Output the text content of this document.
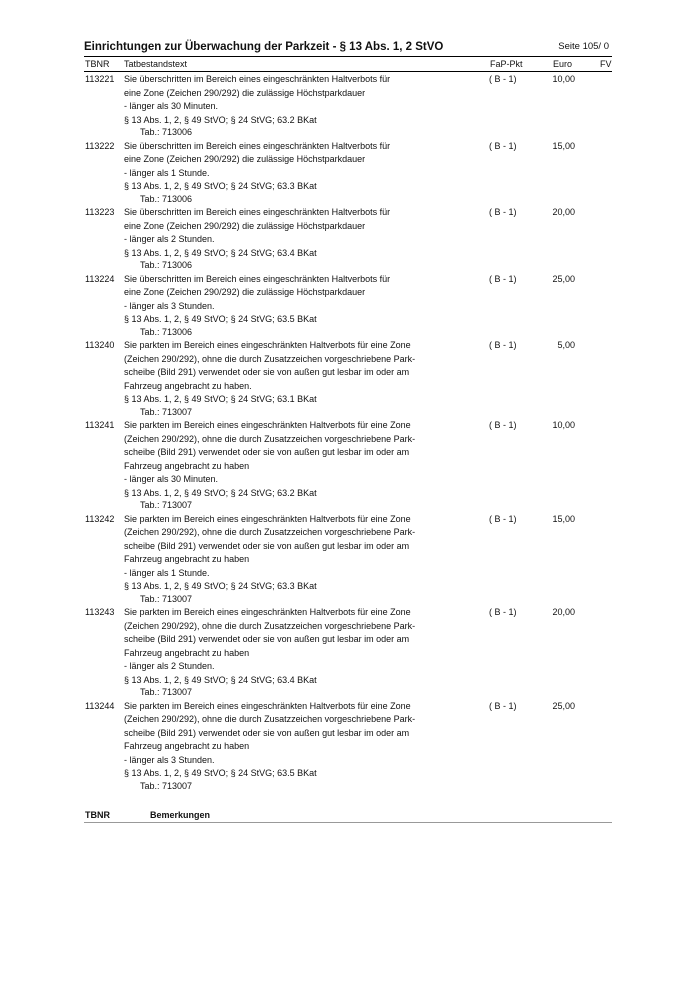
Einrichtungen zur Überwachung der Parkzeit - § 13 Abs. 1, 2 StVO	Seite 105/ 0
TBNR Tatbestandstext	FaP-Pkt	Euro	FV
113221 Sie überschritten im Bereich eines eingeschränkten Haltverbots für
eine Zone (Zeichen 290/292) die zulässige Höchstparkdauer
- länger als 30 Minuten.
§ 13 Abs. 1, 2, § 49 StVO; § 24 StVG; 63.2 BKat
Tab.: 713006
( B - 1)	10,00
113222 Sie überschritten im Bereich eines eingeschränkten Haltverbots für
eine Zone (Zeichen 290/292) die zulässige Höchstparkdauer
- länger als 1 Stunde.
§ 13 Abs. 1, 2, § 49 StVO; § 24 StVG; 63.3 BKat
Tab.: 713006
( B - 1)	15,00
113223 Sie überschritten im Bereich eines eingeschränkten Haltverbots für
eine Zone (Zeichen 290/292) die zulässige Höchstparkdauer
- länger als 2 Stunden.
§ 13 Abs. 1, 2, § 49 StVO; § 24 StVG; 63.4 BKat
Tab.: 713006
( B - 1)	20,00
113224 Sie überschritten im Bereich eines eingeschränkten Haltverbots für
eine Zone (Zeichen 290/292) die zulässige Höchstparkdauer
- länger als 3 Stunden.
§ 13 Abs. 1, 2, § 49 StVO; § 24 StVG; 63.5 BKat
Tab.: 713006
( B - 1)	25,00
113240 Sie parkten im Bereich eines eingeschränkten Haltverbots für eine Zone
(Zeichen 290/292), ohne die durch Zusatzzeichen vorgeschriebene Park-
scheibe (Bild 291) verwendet oder sie von außen gut lesbar im oder am
Fahrzeug angebracht zu haben.
§ 13 Abs. 1, 2, § 49 StVO; § 24 StVG; 63.1 BKat
Tab.: 713007
( B - 1)	5,00
113241 Sie parkten im Bereich eines eingeschränkten Haltverbots für eine Zone
(Zeichen 290/292), ohne die durch Zusatzzeichen vorgeschriebene Park-
scheibe (Bild 291) verwendet oder sie von außen gut lesbar im oder am
Fahrzeug angebracht zu haben
- länger als 30 Minuten.
§ 13 Abs. 1, 2, § 49 StVO; § 24 StVG; 63.2 BKat
Tab.: 713007
( B - 1)	10,00
113242 Sie parkten im Bereich eines eingeschränkten Haltverbots für eine Zone
(Zeichen 290/292), ohne die durch Zusatzzeichen vorgeschriebene Park-
scheibe (Bild 291) verwendet oder sie von außen gut lesbar im oder am
Fahrzeug angebracht zu haben
- länger als 1 Stunde.
§ 13 Abs. 1, 2, § 49 StVO; § 24 StVG; 63.3 BKat
Tab.: 713007
( B - 1)	15,00
113243 Sie parkten im Bereich eines eingeschränkten Haltverbots für eine Zone
(Zeichen 290/292), ohne die durch Zusatzzeichen vorgeschriebene Park-
scheibe (Bild 291) verwendet oder sie von außen gut lesbar im oder am
Fahrzeug angebracht zu haben
- länger als 2 Stunden.
§ 13 Abs. 1, 2, § 49 StVO; § 24 StVG; 63.4 BKat
Tab.: 713007
( B - 1)	20,00
113244 Sie parkten im Bereich eines eingeschränkten Haltverbots für eine Zone
(Zeichen 290/292), ohne die durch Zusatzzeichen vorgeschriebene Park-
scheibe (Bild 291) verwendet oder sie von außen gut lesbar im oder am
Fahrzeug angebracht zu haben
- länger als 3 Stunden.
§ 13 Abs. 1, 2, § 49 StVO; § 24 StVG; 63.5 BKat
Tab.: 713007
( B - 1)	25,00
TBNR	Bemerkungen
